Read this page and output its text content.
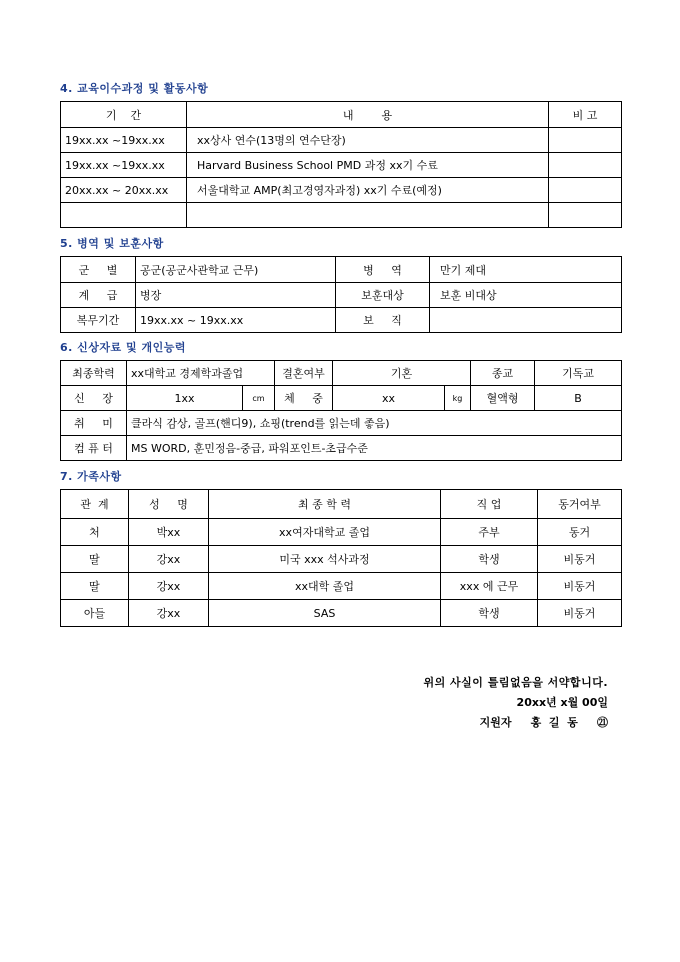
4. 교육이수과정 및 활동사항
기    간	내        용	비 고
19xx.xx ~19xx.xx	xx상사 연수(13명의 연수단장)	
19xx.xx ~19xx.xx	Harvard Business School PMD 과정 xx기 수료	
20xx.xx ~ 20xx.xx	서울대학교 AMP(최고경영자과정) xx기 수료(예정)	

5. 병역 및 보훈사항
군     별	공군(공군사관학교 근무)	병     역	만기 제대
계     급	병장	보훈대상	보훈 비대상
복무기간	19xx.xx ~ 19xx.xx	보     직	
6. 신상자료 및 개인능력
최종학력	xx대학교 경제학과졸업		결혼여부	기혼		종교	기독교
신     장	1xx	cm	체     중	xx	kg	혈액형	B
취     미	클라식 감상, 골프(핸디9), 쇼핑(trend를 읽는데 좋음)						
컴 퓨 터	MS WORD, 훈민정음-중급, 파워포인트-초급수준						
7. 가족사항
관  계	성     명	최 종 학 력	직 업	동거여부
처	박xx	xx여자대학교 졸업	주부	동거
딸	강xx	미국 xxx 석사과정	학생	비동거
딸	강xx	xx대학 졸업	xxx 에 근무	비동거
아들	강xx	SAS	학생	비동거
위의 사실이 틀림없음을 서약합니다.
20xx년 x월 00일
지원자     홍  길  동     ㉑
